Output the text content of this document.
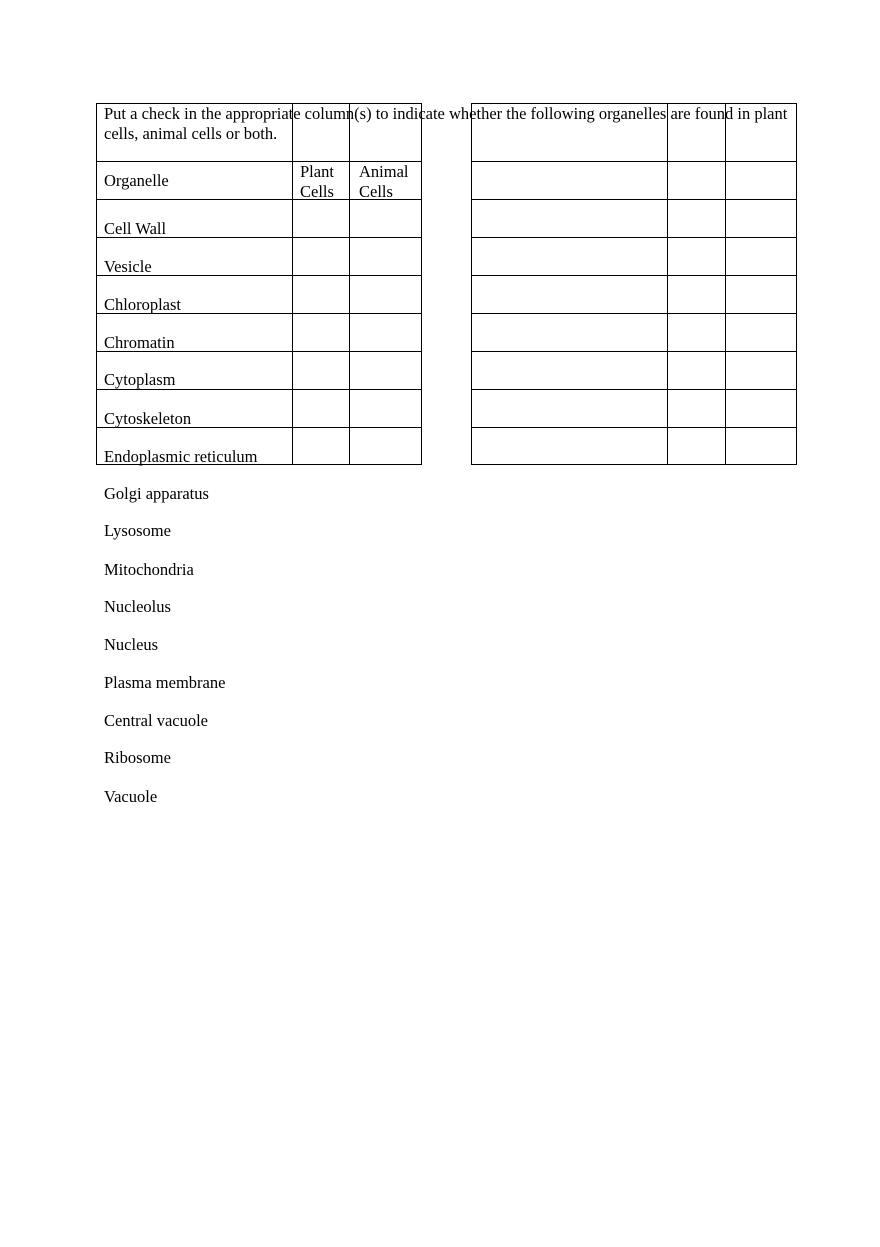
Put a check in the appropriate column(s) to indicate whether the following organelles are found in plant cells, animal cells or both.

Organelle	Plant
Cells
Animal
Cells

Cell Wall

Vesicle

Chloroplast

Chromatin

Cytoplasm

Cytoskeleton

Endoplasmic reticulum

Golgi apparatus

Lysosome

Mitochondria

Nucleolus

Nucleus

Plasma membrane

Central vacuole

Ribosome

Vacuole
